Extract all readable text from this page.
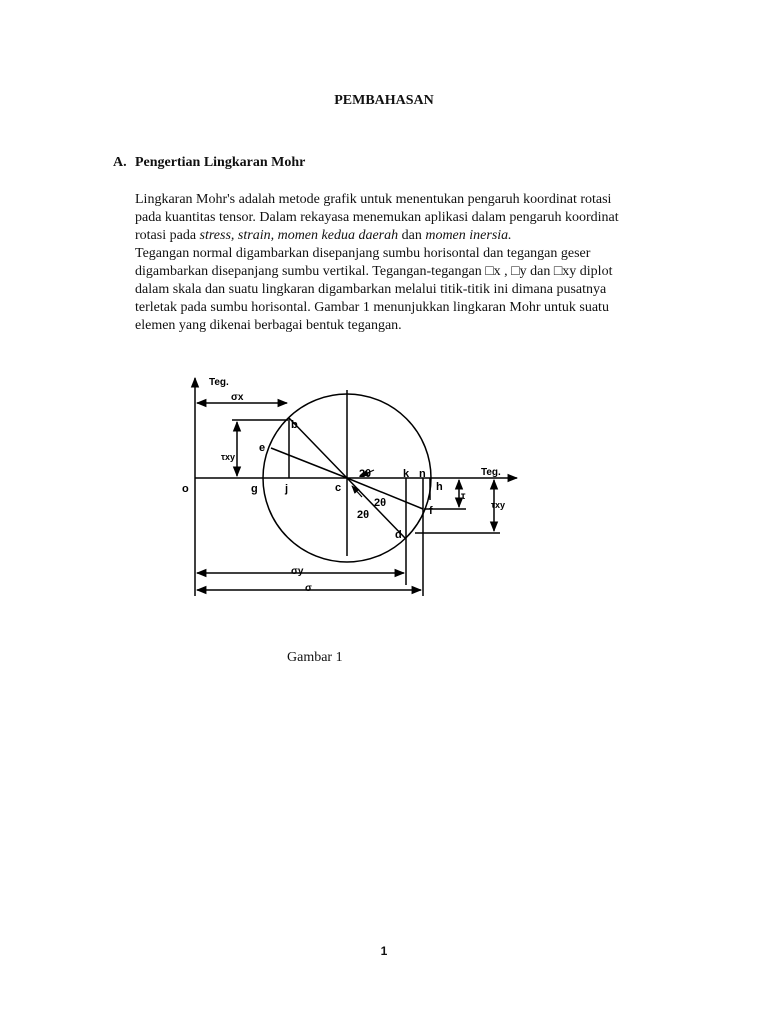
PEMBAHASAN
A. Pengertian Lingkaran Mohr
Lingkaran Mohr's adalah metode grafik untuk menentukan pengaruh koordinat rotasi
pada kuantitas tensor. Dalam rekayasa menemukan aplikasi dalam pengaruh koordinat
rotasi pada stress, strain, momen kedua daerah dan momen inersia.
Tegangan normal digambarkan disepanjang sumbu horisontal dan tegangan geser
digambarkan disepanjang sumbu vertikal. Tegangan-tegangan □x , □y dan □xy diplot
dalam skala dan suatu lingkaran digambarkan melalui titik-titik ini dimana pusatnya
terletak pada sumbu horisontal. Gambar 1 menunjukkan lingkaran Mohr untuk suatu
elemen yang dikenai berbagai bentuk tegangan.
Teg.
Teg.
σx
τxy
τ
τxy
σy
σ
2θ
2θ
2θ
o	g j	c
k n
h
b
e
f
d
Gambar 1
1
